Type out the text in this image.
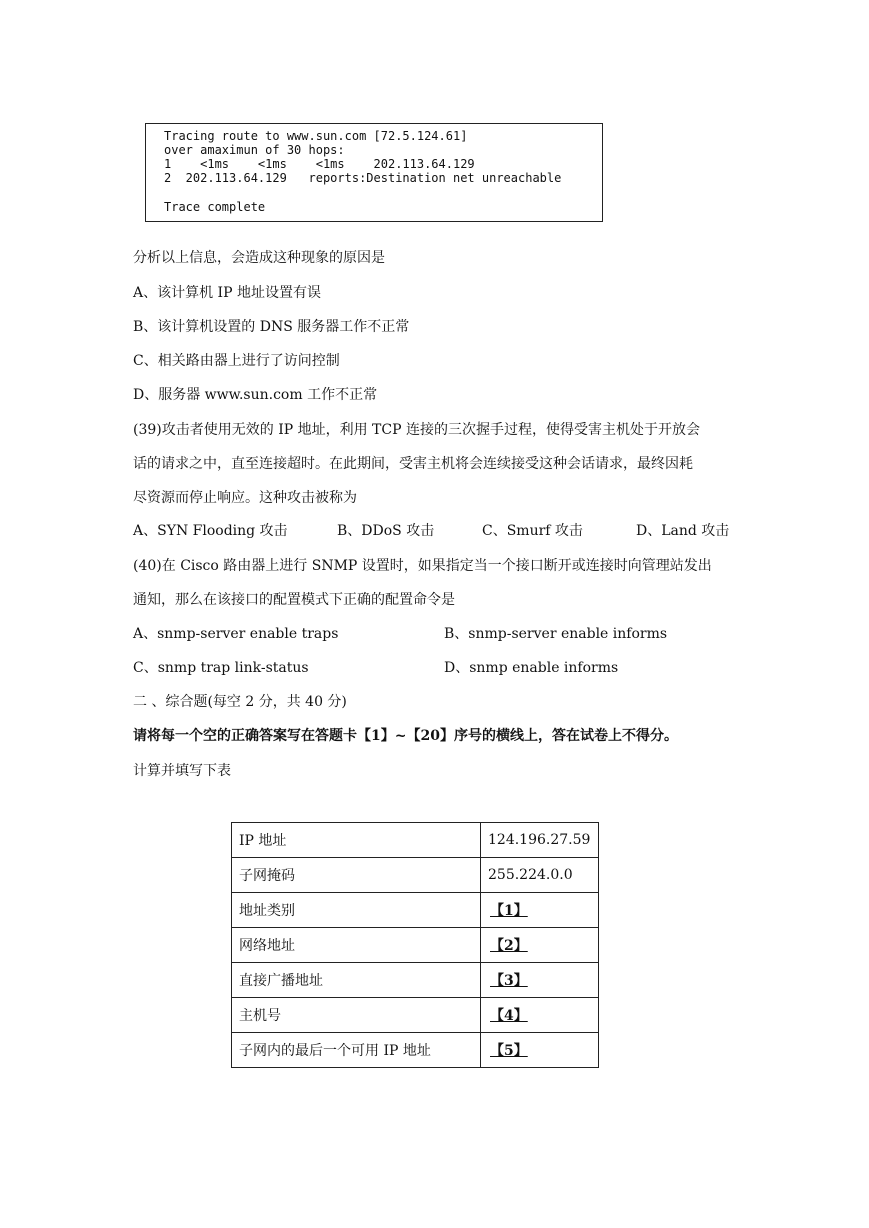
Tracing route to www.sun.com [72.5.124.61]
over amaximun of 30 hops:
1    <1ms    <1ms    <1ms    202.113.64.129
2  202.113.64.129   reports:Destination net unreachable
Trace complete
分析以上信息，会造成这种现象的原因是
A、该计算机 IP 地址设置有误
B、该计算机设置的 DNS 服务器工作不正常
C、相关路由器上进行了访问控制
D、服务器 www.sun.com 工作不正常
(39)攻击者使用无效的 IP 地址，利用 TCP 连接的三次握手过程，使得受害主机处于开放会
话的请求之中，直至连接超时。在此期间，受害主机将会连续接受这种会话请求，最终因耗
尽资源而停止响应。这种攻击被称为
A、SYN Flooding 攻击	B、DDoS 攻击	C、Smurf 攻击	D、Land 攻击
(40)在 Cisco 路由器上进行 SNMP 设置时，如果指定当一个接口断开或连接时向管理站发出
通知，那么在该接口的配置模式下正确的配置命令是
A、snmp-server enable traps	B、snmp-server enable informs
C、snmp trap link-status	D、snmp enable informs
二 、综合题(每空 2 分，共 40 分)
请将每一个空的正确答案写在答题卡【1】~【20】序号的横线上，答在试卷上不得分。
计算并填写下表
IP 地址	124.196.27.59
子网掩码	255.224.0.0
地址类别	【1】
网络地址	【2】
直接广播地址	【3】
主机号	【4】
子网内的最后一个可用 IP 地址	【5】
